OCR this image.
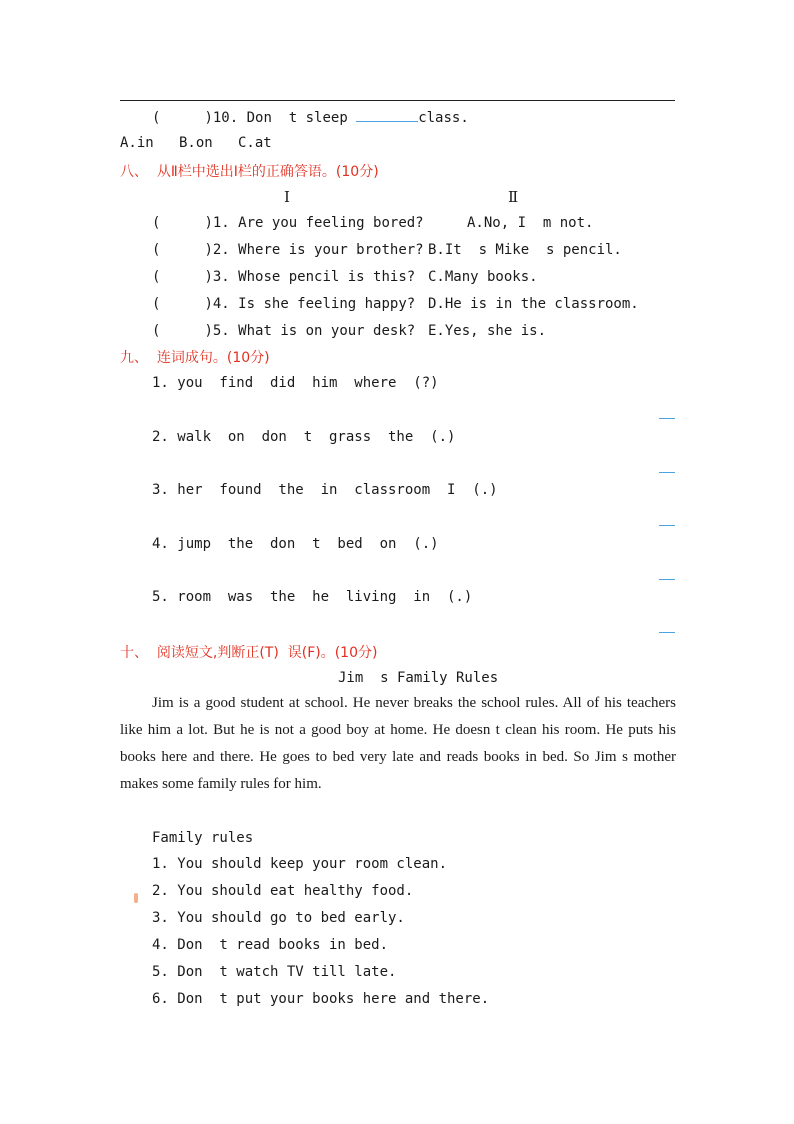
(	)10. Don  t sleep	class.
A.in   B.on   C.at
八、  从Ⅱ栏中选出Ⅰ栏的正确答语。(10分)
Ⅰ	Ⅱ
(	)1. Are you feeling bored?	A.No, I  m not.
(	)2. Where is your brother? B.It  s Mike  s pencil.
(	)3. Whose pencil is this? C.Many books.
(	)4. Is she feeling happy? D.He is in the classroom.
(	)5. What is on your desk? E.Yes, she is.
九、  连词成句。(10分)
1. you  find  did  him  where  (?)
2. walk  on  don  t  grass  the  (.)
3. her  found  the  in  classroom  I  (.)
4. jump  the  don  t  bed  on  (.)
5. room  was  the  he  living  in  (.)
十、  阅读短文,判断正(T)  误(F)。(10分)
Jim  s Family Rules
Jim is a good student at school. He never breaks the school rules. All of his teachers like him a lot. But he is not a good boy at home. He doesn t clean his room. He puts his books here and there. He goes to bed very late and reads books in bed. So Jim s mother makes some family rules for him.
Family rules
1. You should keep your room clean.
2. You should eat healthy food.
3. You should go to bed early.
4. Don  t read books in bed.
5. Don  t watch TV till late.
6. Don  t put your books here and there.
